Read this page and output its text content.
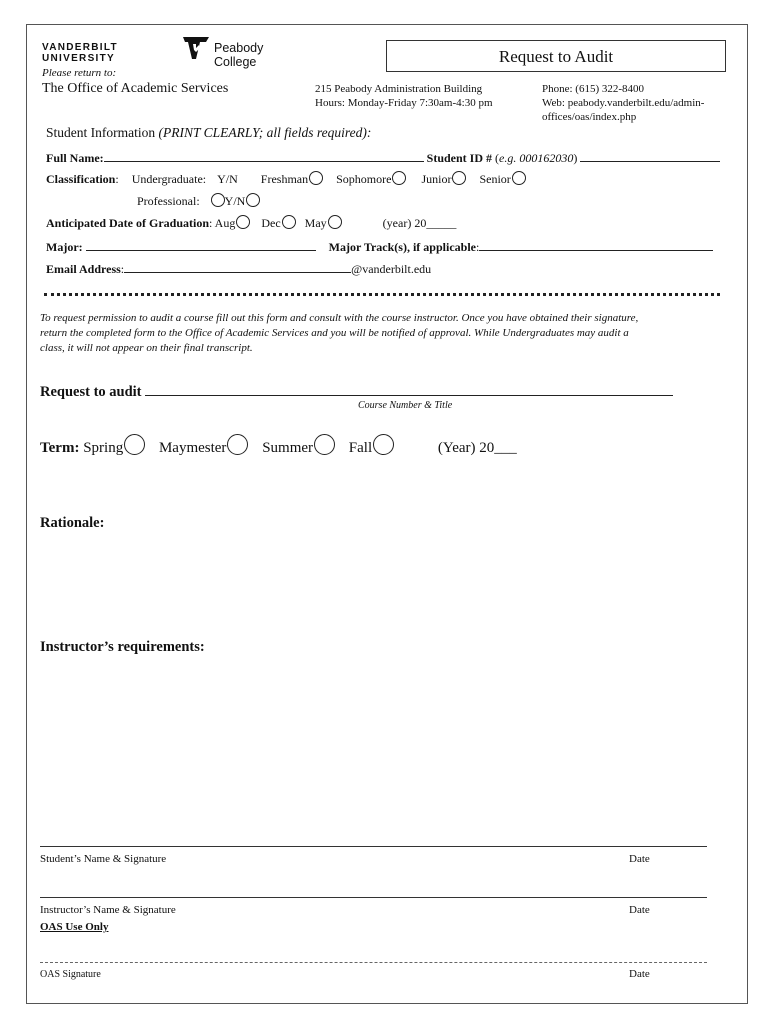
VANDERBILT UNIVERSITY
Peabody College	Request to Audit
Please return to:
The Office of Academic Services	215 Peabody Administration Building
Hours: Monday-Friday 7:30am-4:30 pm
Phone: (615) 322-8400
Web: peabody.vanderbilt.edu/admin-
offices/oas/index.php
Student Information (PRINT CLEARLY; all fields required):
Full Name:	Student ID # (e.g. 000162030)
Classification: Undergraduate: Y/N Freshman Sophomore	Junior Senior
Professional: Y/N
Anticipated Date of Graduation: Aug Dec May	(year) 20_____
Major:	Major Track(s), if applicable:
Email Address:	@vanderbilt.edu
To request permission to audit a course fill out this form and consult with the course instructor. Once you have obtained their signature,
return the completed form to the Office of Academic Services and you will be notified of approval. While Undergraduates may audit a
class, it will not appear on their final transcript.
Request to audit
Course Number & Title
Term: Spring Maymester Summer Fall	(Year) 20___
Rationale:
Instructor’s requirements:
Student’s Name & Signature	Date
Instructor’s Name & Signature	Date
OAS Use Only
OAS Signature	Date
